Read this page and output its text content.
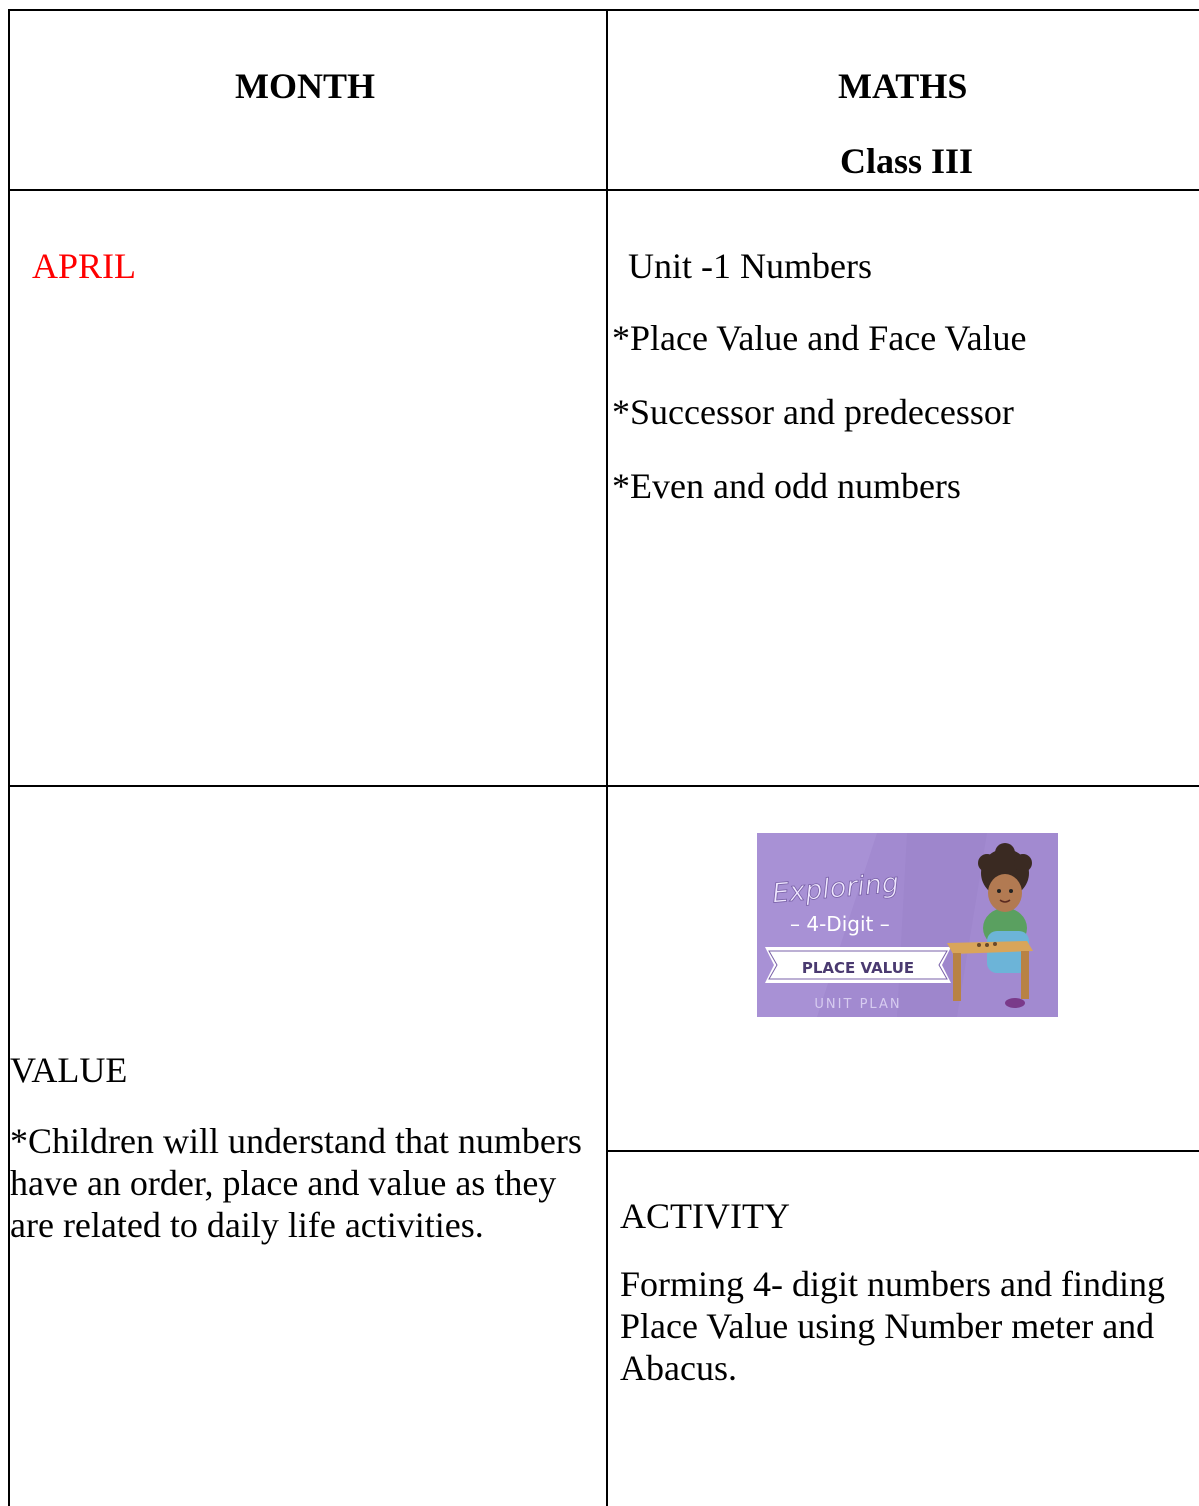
MONTH	MATHS
Class III
APRIL	Unit -1 Numbers
*Place Value and Face Value
*Successor and predecessor
*Even and odd numbers
VALUE
*Children will understand that numbers
have an order, place and value as they
are related to daily life activities.
Exploring
– 4-Digit –
PLACE VALUE
UNIT PLAN
ACTIVITY
Forming 4- digit numbers and finding
Place Value using Number meter and
Abacus.
